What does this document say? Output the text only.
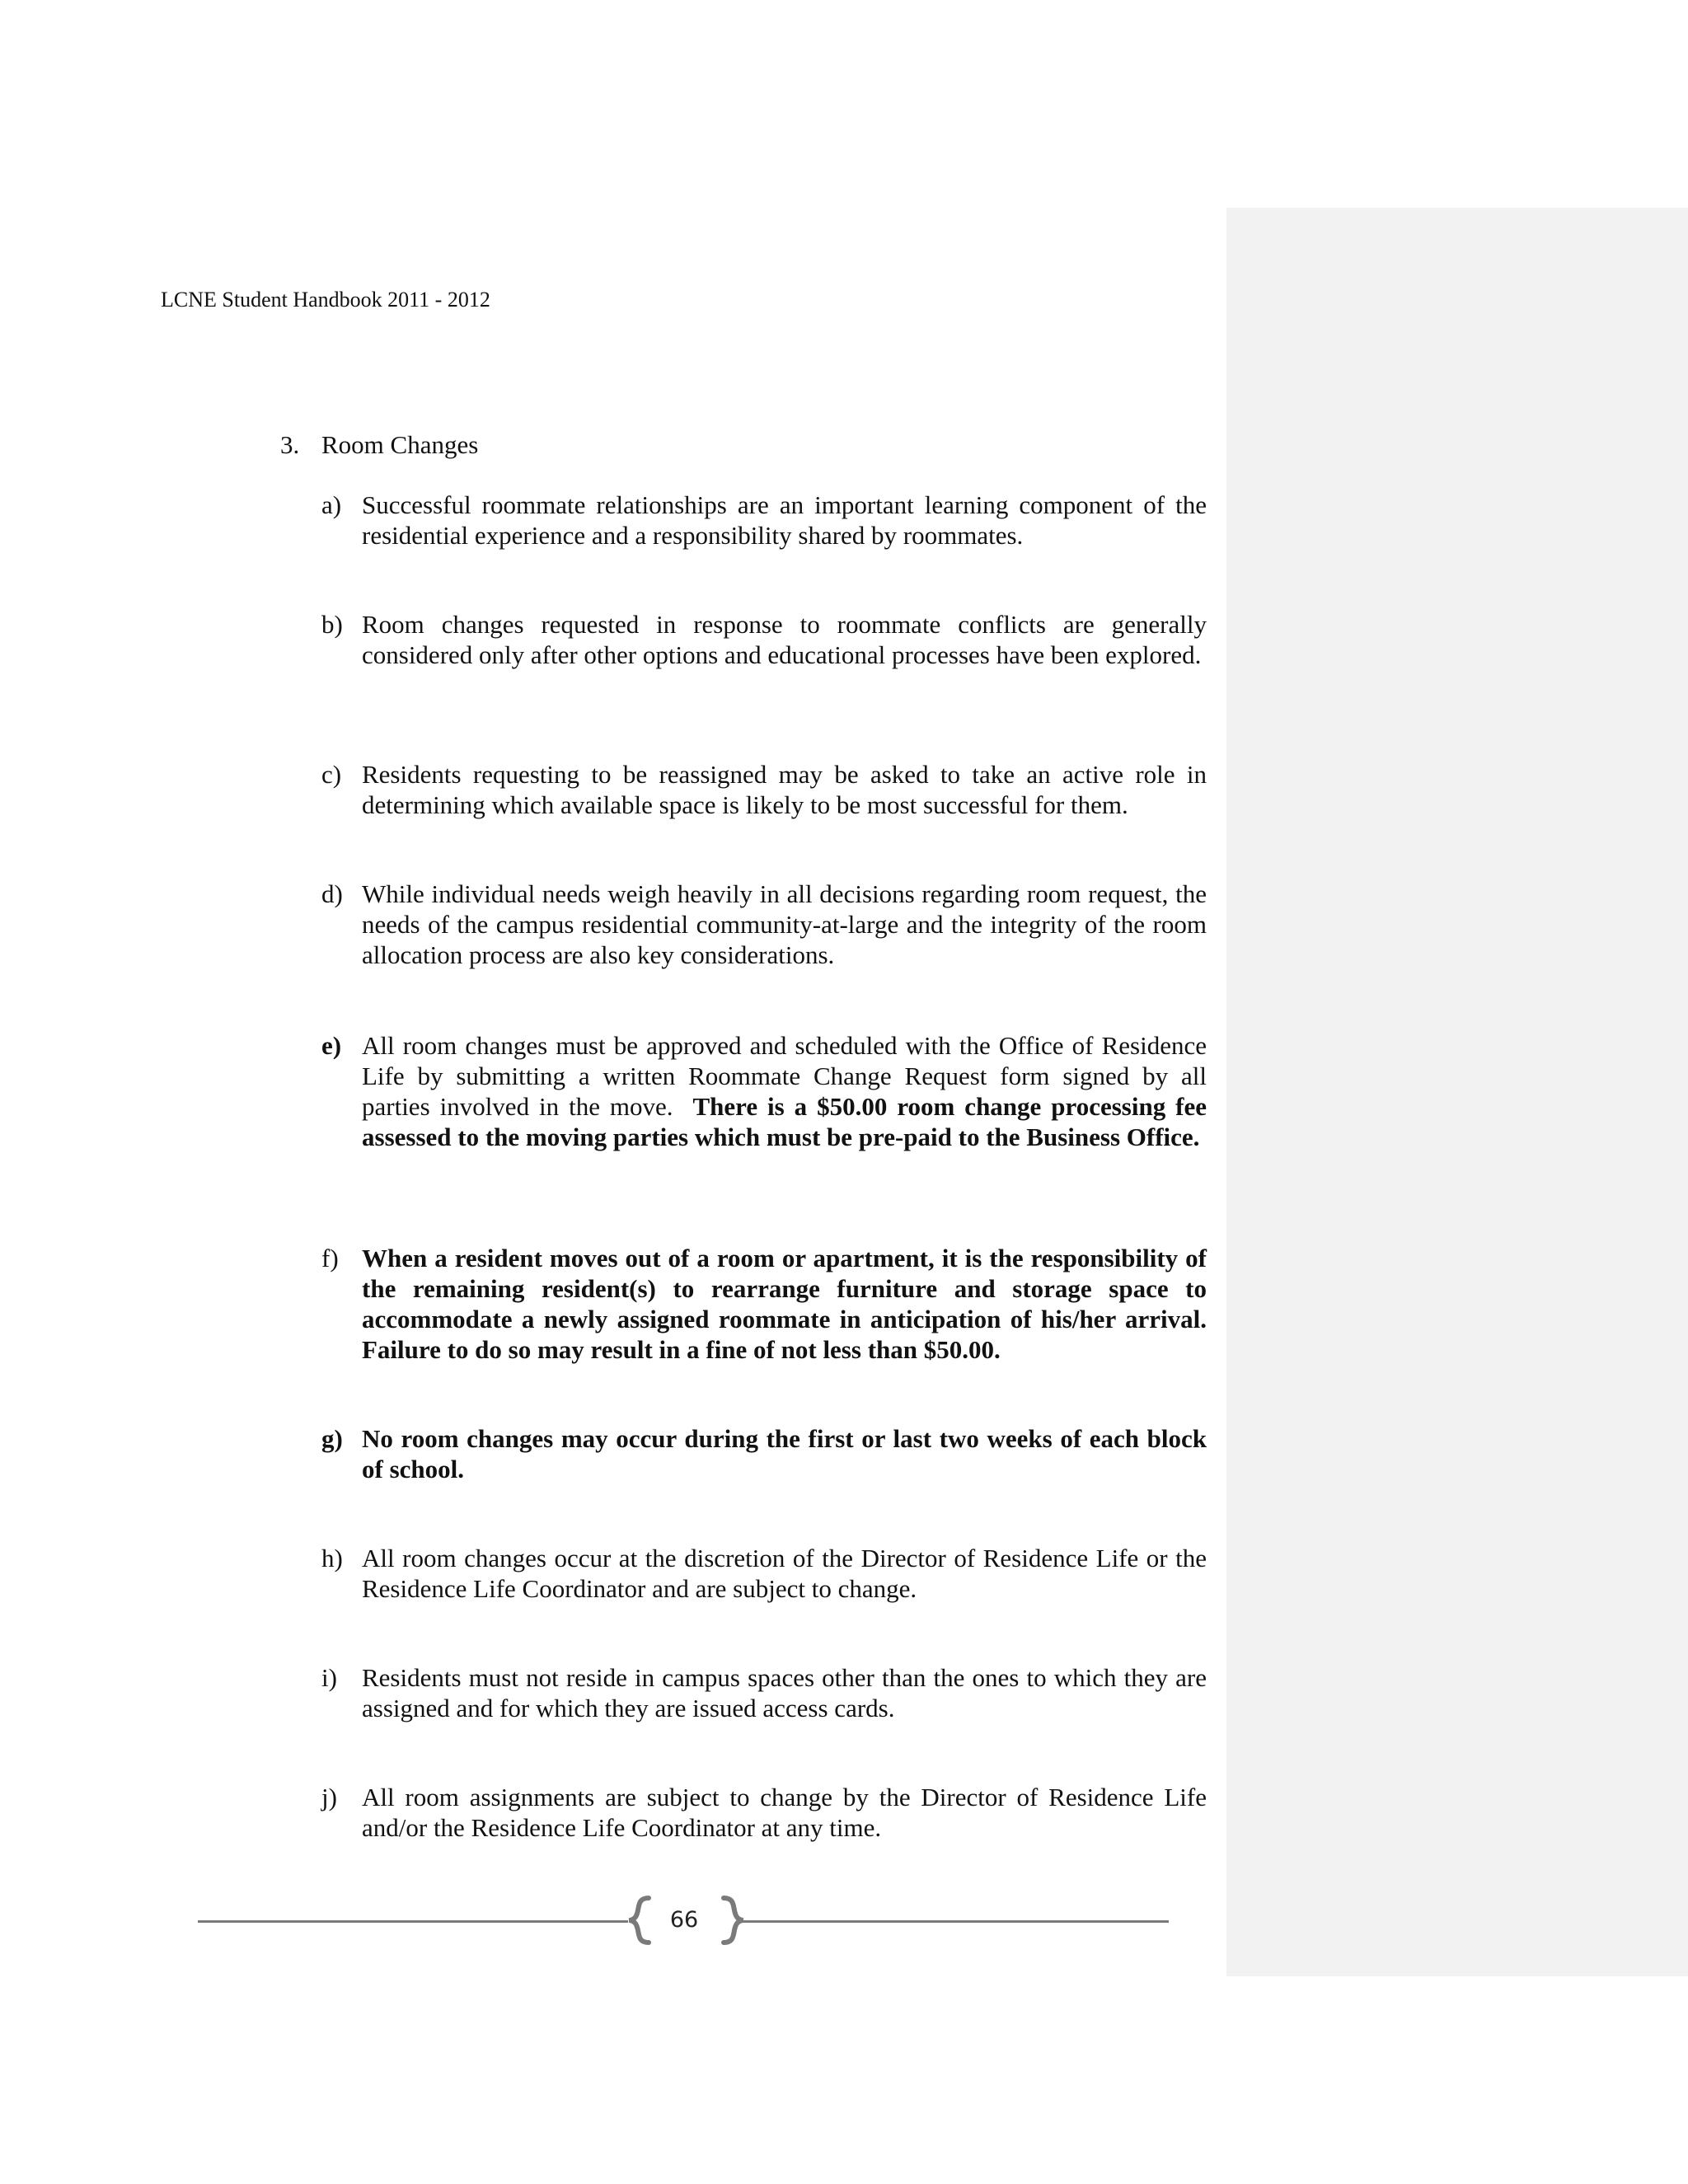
LCNE Student Handbook 2011 - 2012
3. Room Changes
a) Successful roommate relationships are an important learning component of the residential experience and a responsibility shared by roommates.
b) Room changes requested in response to roommate conflicts are generally considered only after other options and educational processes have been explored.
c) Residents requesting to be reassigned may be asked to take an active role in determining which available space is likely to be most successful for them.
d) While individual needs weigh heavily in all decisions regarding room request, the needs of the campus residential community-at-large and the integrity of the room allocation process are also key considerations.
e) All room changes must be approved and scheduled with the Office of Residence Life by submitting a written Roommate Change Request form signed by all parties involved in the move. There is a $50.00 room change processing fee assessed to the moving parties which must be pre-paid to the Business Office.
f) When a resident moves out of a room or apartment, it is the responsibility of the remaining resident(s) to rearrange furniture and storage space to accommodate a newly assigned roommate in anticipation of his/her arrival. Failure to do so may result in a fine of not less than $50.00.
g) No room changes may occur during the first or last two weeks of each block of school.
h) All room changes occur at the discretion of the Director of Residence Life or the Residence Life Coordinator and are subject to change.
i) Residents must not reside in campus spaces other than the ones to which they are assigned and for which they are issued access cards.
j) All room assignments are subject to change by the Director of Residence Life and/or the Residence Life Coordinator at any time.
66
